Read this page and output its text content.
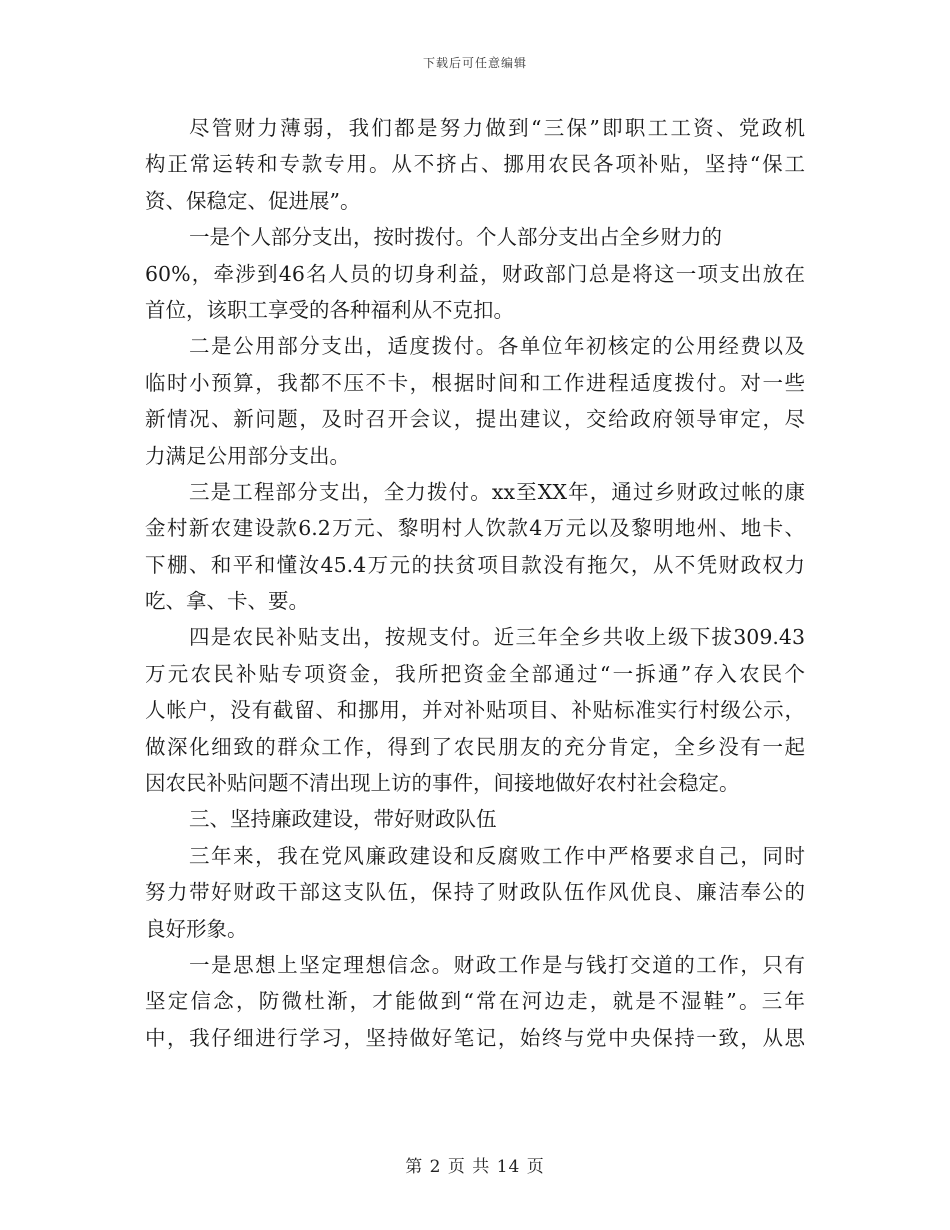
下载后可任意编辑
尽管财力薄弱，我们都是努力做到“三保”即职工工资、党政机
构正常运转和专款专用。从不挤占、挪用农民各项补贴，坚持“保工
资、保稳定、促进展”。
一是个人部分支出，按时拨付。个人部分支出占全乡财力的
60%，牵涉到46名人员的切身利益，财政部门总是将这一项支出放在
首位，该职工享受的各种福利从不克扣。
二是公用部分支出，适度拨付。各单位年初核定的公用经费以及
临时小预算，我都不压不卡，根据时间和工作进程适度拨付。对一些
新情况、新问题，及时召开会议，提出建议，交给政府领导审定，尽
力满足公用部分支出。
三是工程部分支出，全力拨付。xx至XX年，通过乡财政过帐的康
金村新农建设款6.2万元、黎明村人饮款4万元以及黎明地州、地卡、
下棚、和平和懂汝45.4万元的扶贫项目款没有拖欠，从不凭财政权力
吃、拿、卡、要。
四是农民补贴支出，按规支付。近三年全乡共收上级下拔309.43
万元农民补贴专项资金，我所把资金全部通过“一拆通”存入农民个
人帐户，没有截留、和挪用，并对补贴项目、补贴标准实行村级公示，
做深化细致的群众工作，得到了农民朋友的充分肯定，全乡没有一起
因农民补贴问题不清出现上访的事件，间接地做好农村社会稳定。
三、坚持廉政建设，带好财政队伍
三年来，我在党风廉政建设和反腐败工作中严格要求自己，同时
努力带好财政干部这支队伍，保持了财政队伍作风优良、廉洁奉公的
良好形象。
一是思想上坚定理想信念。财政工作是与钱打交道的工作，只有
坚定信念，防微杜渐，才能做到“常在河边走，就是不湿鞋”。三年
中，我仔细进行学习，坚持做好笔记，始终与党中央保持一致，从思
第 2 页 共 14 页
